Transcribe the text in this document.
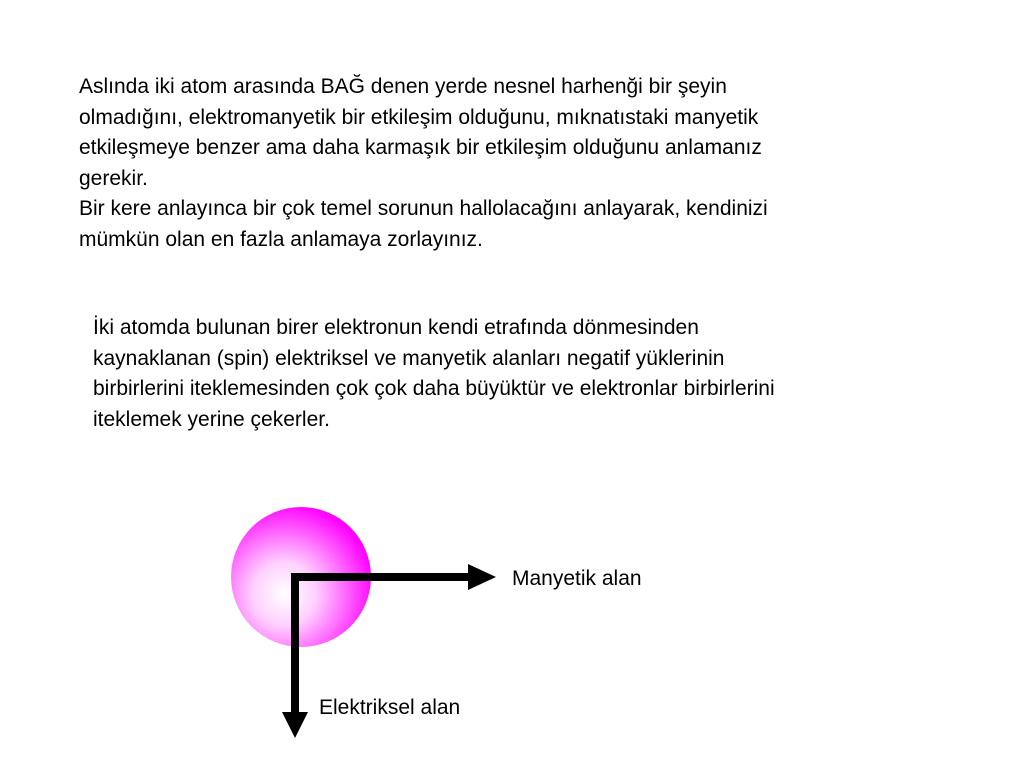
Aslında iki atom arasında BAĞ denen yerde nesnel harhenği bir şeyin
olmadığını, elektromanyetik bir etkileşim olduğunu, mıknatıstaki manyetik
etkileşmeye benzer ama daha karmaşık bir etkileşim olduğunu anlamanız
gerekir.
Bir kere anlayınca bir çok temel sorunun hallolacağını anlayarak, kendinizi
mümkün olan en fazla anlamaya zorlayınız.
İki atomda bulunan birer elektronun kendi etrafında dönmesinden
kaynaklanan (spin) elektriksel ve manyetik alanları negatif yüklerinin
birbirlerini iteklemesinden çok çok daha büyüktür ve elektronlar birbirlerini
iteklemek yerine çekerler.
Manyetik alan
Elektriksel alan
